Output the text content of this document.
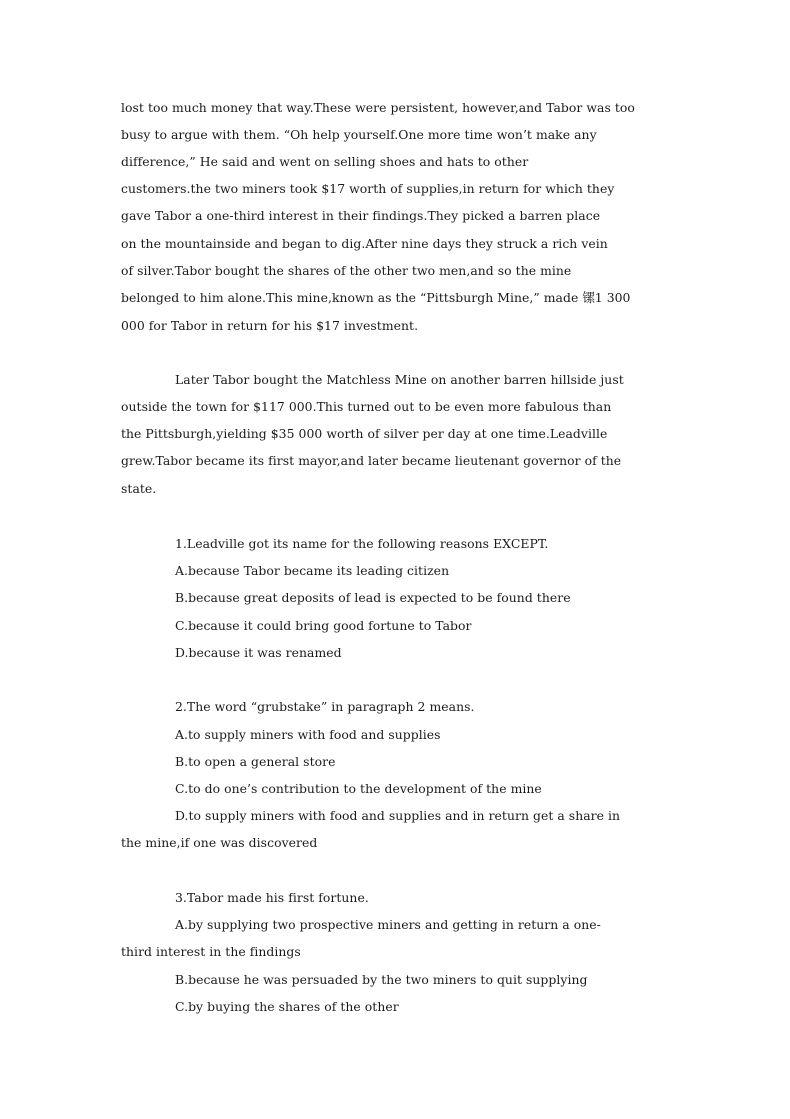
lost too much money that way.These were persistent, however,and Tabor was too
busy to argue with them. “Oh help yourself.One more time won’t make any
difference,” He said and went on selling shoes and hats to other
customers.the two miners took $17 worth of supplies,in return for which they
gave Tabor a one-third interest in their findings.They picked a barren place
on the mountainside and began to dig.After nine days they struck a rich vein
of silver.Tabor bought the shares of the other two men,and so the mine
belonged to him alone.This mine,known as the “Pittsburgh Mine,” made 镙1 300
000 for Tabor in return for his $17 investment.
Later Tabor bought the Matchless Mine on another barren hillside just
outside the town for $117 000.This turned out to be even more fabulous than
the Pittsburgh,yielding $35 000 worth of silver per day at one time.Leadville
grew.Tabor became its first mayor,and later became lieutenant governor of the
state.
1.Leadville got its name for the following reasons EXCEPT.
A.because Tabor became its leading citizen
B.because great deposits of lead is expected to be found there
C.because it could bring good fortune to Tabor
D.because it was renamed
2.The word “grubstake” in paragraph 2 means.
A.to supply miners with food and supplies
B.to open a general store
C.to do one’s contribution to the development of the mine
D.to supply miners with food and supplies and in return get a share in
the mine,if one was discovered
3.Tabor made his first fortune.
A.by supplying two prospective miners and getting in return a one-
third interest in the findings
B.because he was persuaded by the two miners to quit supplying
C.by buying the shares of the other
